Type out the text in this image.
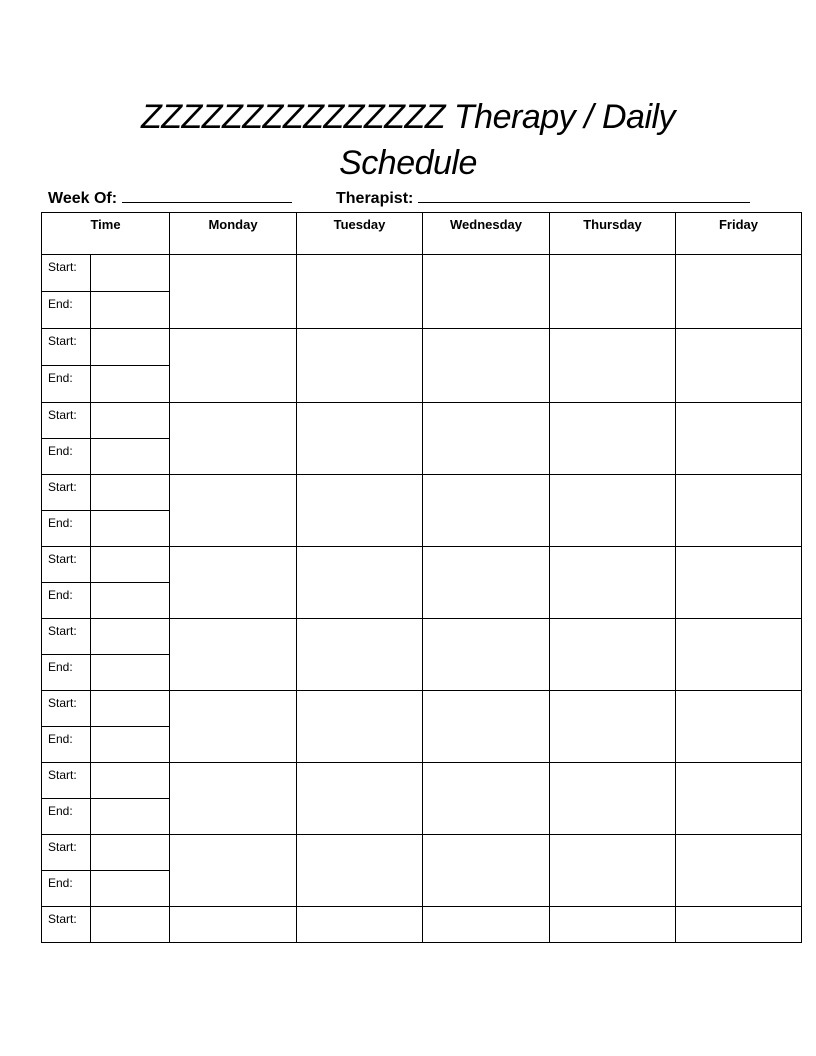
ZZZZZZZZZZZZZZZ Therapy / Daily
Schedule
Week Of:	Therapist:
Time		Monday	Tuesday	Wednesday	Thursday	Friday
Start:						
End:						
Start:						
End:						
Start:						
End:						
Start:						
End:						
Start:						
End:						
Start:						
End:						
Start:						
End:						
Start:						
End:						
Start:						
End:						
Start:						
